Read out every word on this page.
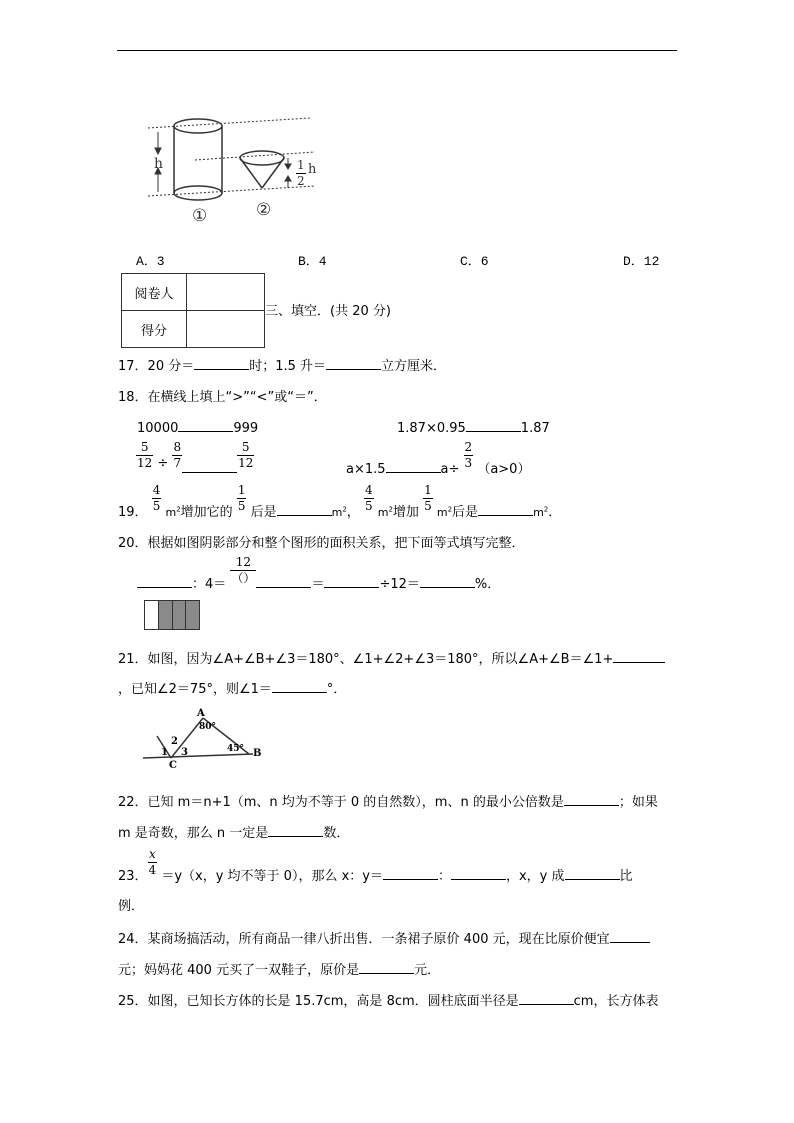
h	$\frac{1}{2}$ h
①	②
A．3	B．4	C．6	D．12
阅卷人	
得分	
三、填空．(共 20 分)
17．20 分＝	时；1.5 升＝	立方厘米．
18．在横线上填上“>”“<”或“＝”．
10000	999	1.87×0.95	1.87
$\frac{5}{12} \div \frac{8}{7}$	$\frac{5}{12}$	a×1.5	$a\div \frac{2}{3} (a>0)$
19． $\frac{4}{5} _{m^2}$增加它的 $\frac{1}{5}$ 后是	$_{m^2}$， $\frac{4}{5} _{m^2}$增加 $\frac{1}{5} _{m^2}$后是	$_{m^2}$．
20．根据如图阴影部分和整个图形的面积关系，把下面等式填写完整．
：$4= \frac{12}{()}$	＝	÷12＝	%．
21．如图，因为∠A+∠B+∠3＝180°、∠1+∠2+∠3＝180°，所以∠A+∠B＝∠1+
，已知∠2＝75°，则∠1＝	°．
A
B
C
80°
45°
1
2
3
22．已知 m＝n+1（m、n 均为不等于 0 的自然数），m、n 的最小公倍数是	；如果
m 是奇数，那么 n 一定是	数．
23． $\frac{x}{4} =y(x$，y 均不等于 0），那么 x：y＝	：	，x，y 成	比
例．
24．某商场搞活动，所有商品一律八折出售．一条裙子原价 400 元，现在比原价便宜
元；妈妈花 400 元买了一双鞋子，原价是	元．
25．如图，已知长方体的长是 15.7cm，高是 8cm．圆柱底面半径是	cm，长方体表
